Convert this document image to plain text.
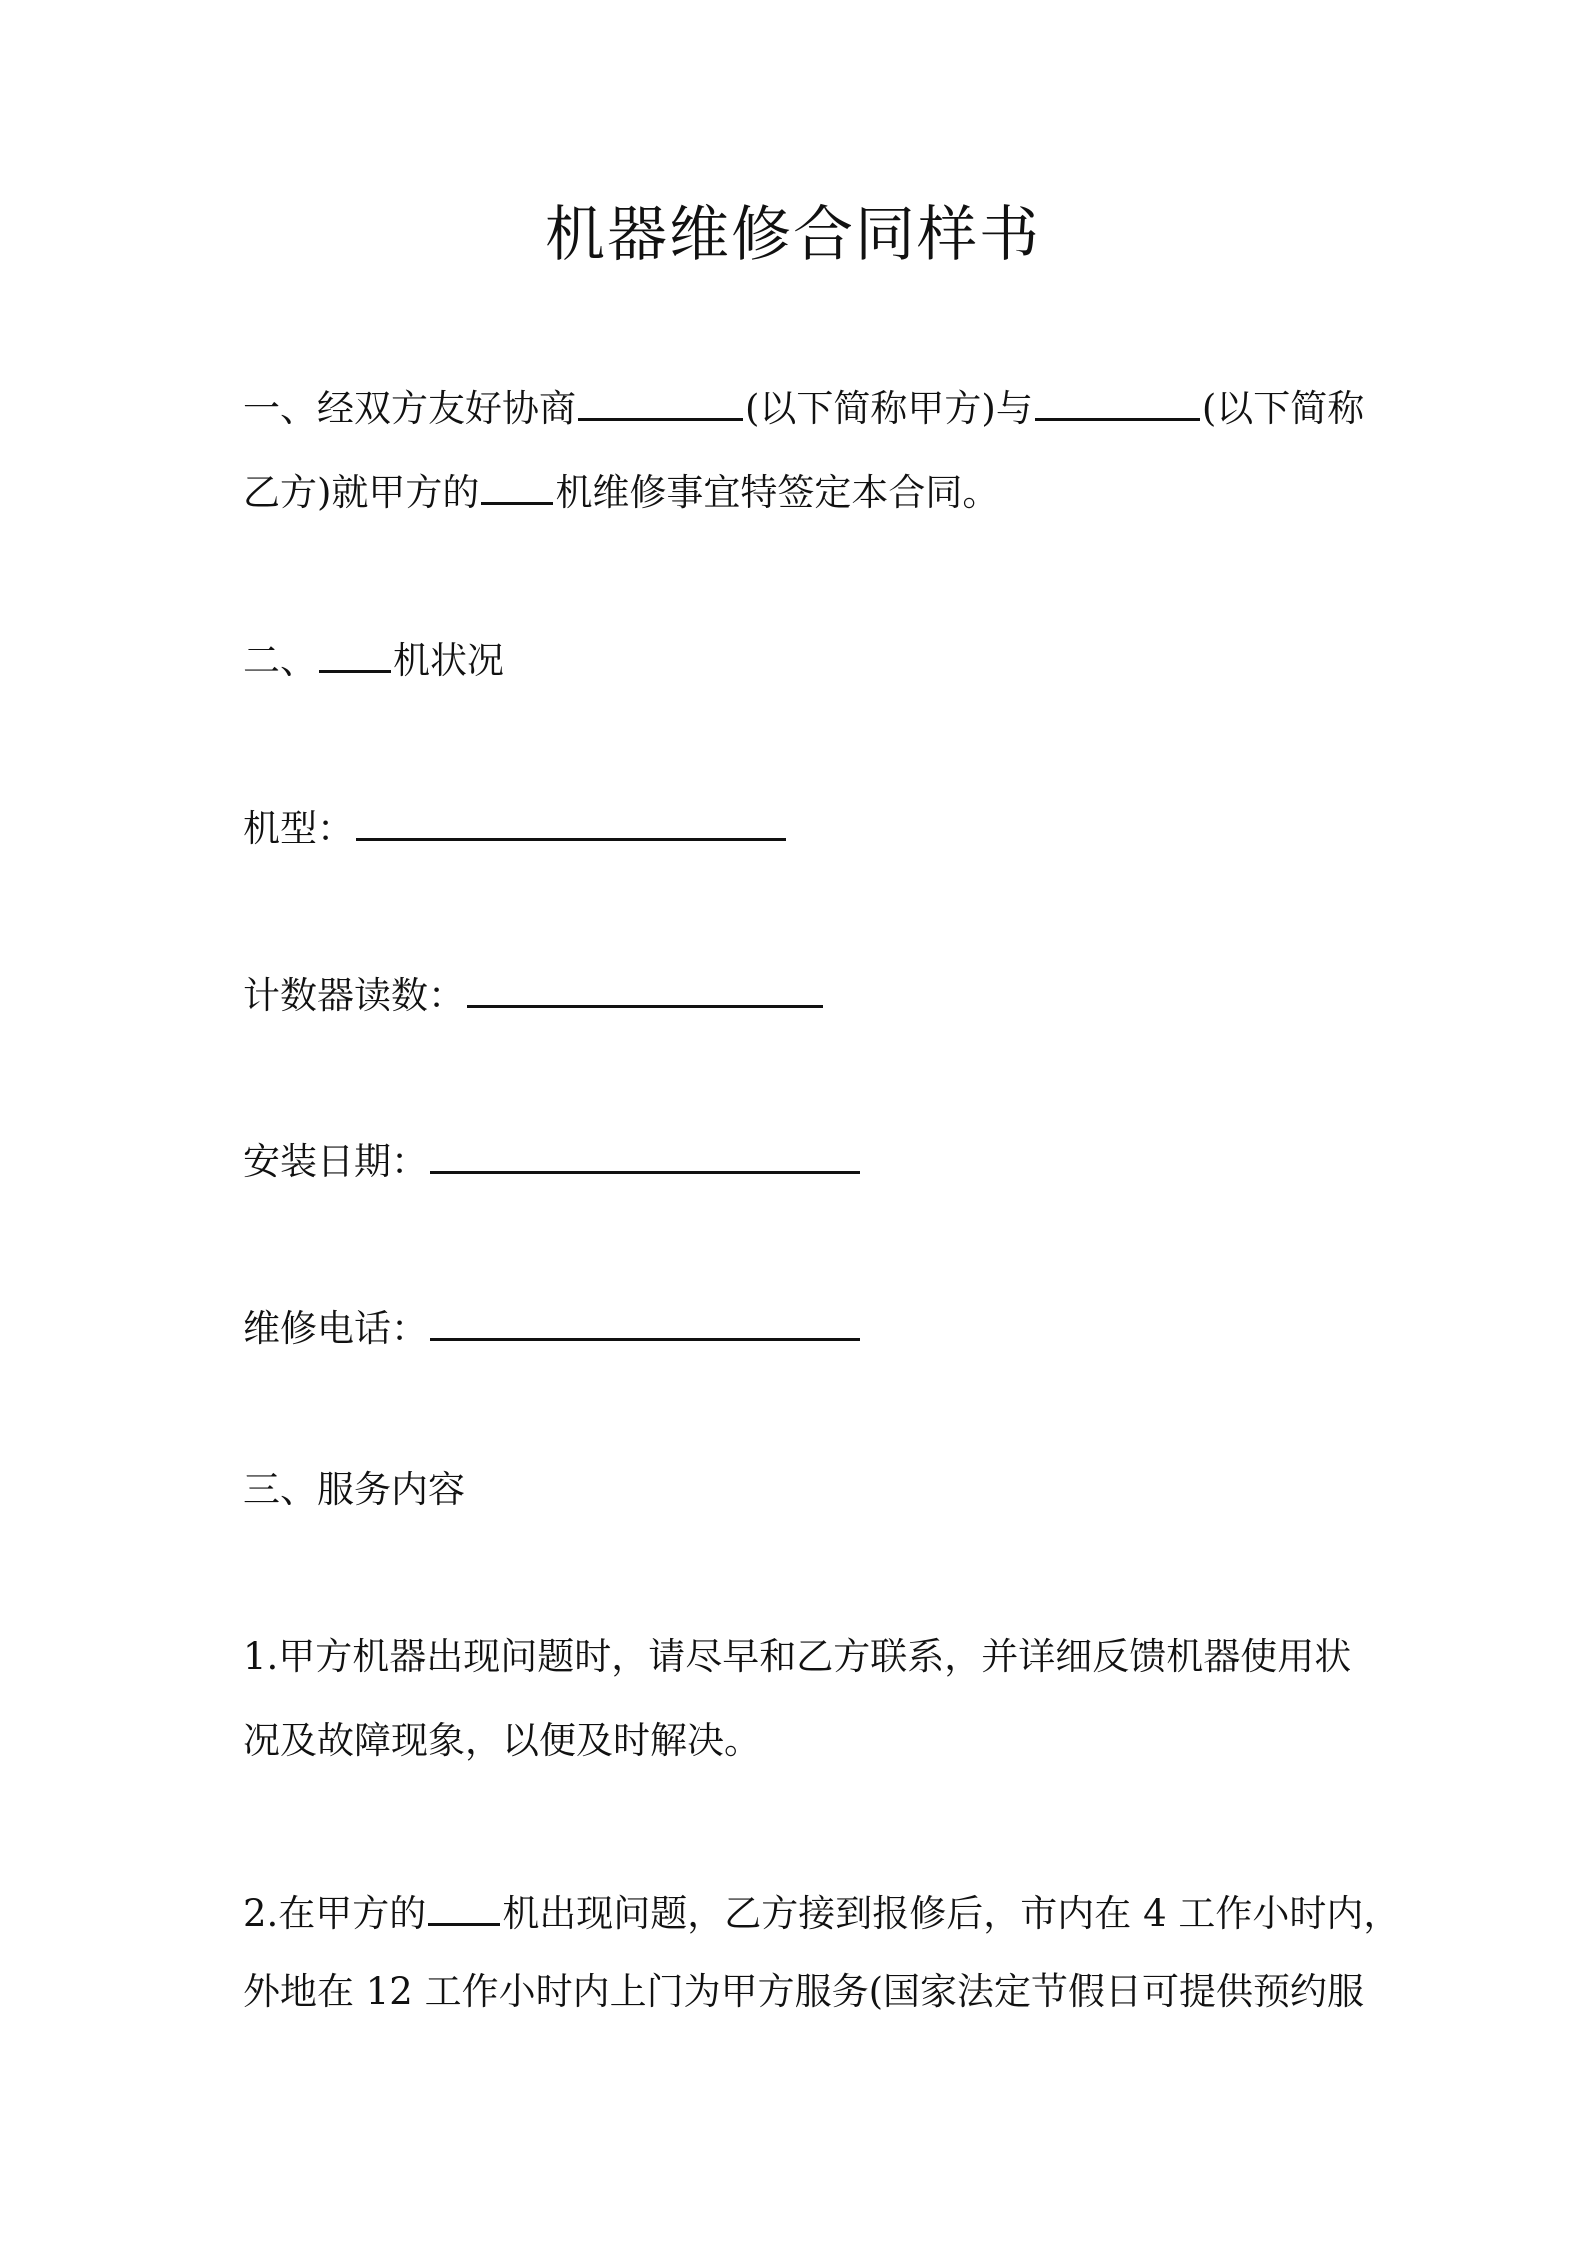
机器维修合同样书

一、经双方友好协商	(以下简称甲方)与	(以下简称

乙方)就甲方的 机维修事宜特签定本合同。

二、 机状况

机型：

计数器读数：

安装日期：

维修电话：

三、服务内容

1.甲方机器出现问题时，请尽早和乙方联系，并详细反馈机器使用状

况及故障现象，以便及时解决。

2.在甲方的 机出现问题，乙方接到报修后，市内在 4 工作小时内，

外地在 12 工作小时内上门为甲方服务(国家法定节假日可提供预约服
